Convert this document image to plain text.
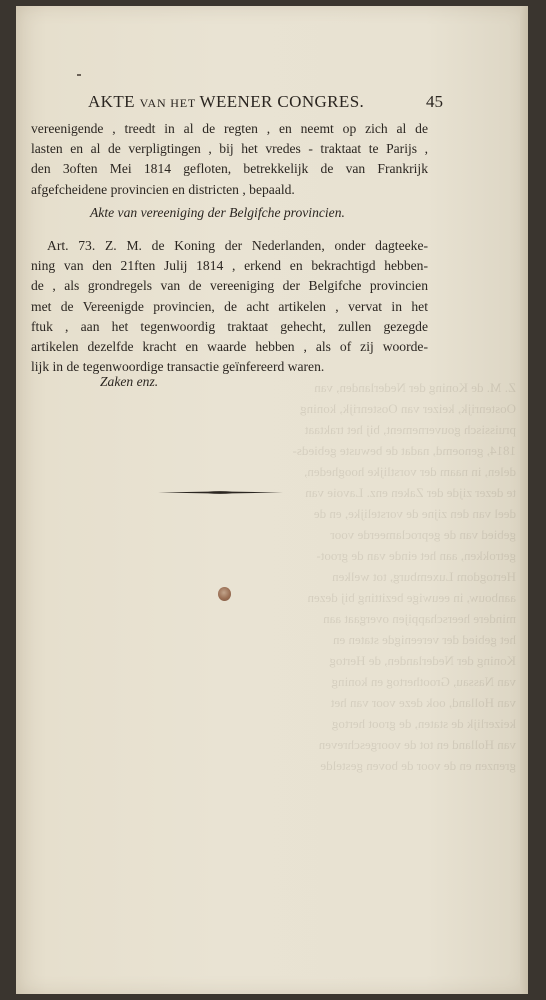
Z. M. de Koning der Nederlanden, van
Oostenrijk, keizer van Oostenrijk, koning
pruissisch gouvernement, bij het traktaat
1814, genoemd, nadat de bewuste gebieds-
delen, in naam der vorstlijke hoogheden,
te dezer zijde der Zaken enz. Lavoie van
deel van den zijne de vorstelijke, en de
gebied van de geproclameerde voor
getrokken, aan het einde van de groot-
Hertogdom Luxemburg, tot welken
aanbouw, in eeuwige bezitting bij dezen
mindere heerschappijen overgaat aan
het gebied der vereenigde staten en
Koning der Nederlanden, de Hertog
van Nassau, Groothertog en koning
van Holland, ook deze voor van het
keizerlijk de staten, de groot hertog
van Holland en tot de voorgeschreven
grenzen en de voor de boven gestelde

AKTE VAN HET WEENER CONGRES.	45
vereenigende , treedt in al de regten , en neemt op zich al de
lasten en al de verpligtingen , bij het vredes - traktaat te Parijs ,
den 3often Mei 1814 gefloten, betrekkelijk de van Frankrijk
afgefcheidene provincien en districten , bepaald.
Akte van vereeniging der Belgifche provincien.
Art. 73. Z. M. de Koning der Nederlanden, onder dagteeke-
ning van den 21ften Julij 1814 , erkend en bekrachtigd hebben-
de , als grondregels van de vereeniging der Belgifche provincien
met de Vereenigde provincien, de acht artikelen , vervat in het
ftuk , aan het tegenwoordig traktaat gehecht, zullen gezegde
artikelen dezelfde kracht en waarde hebben , als of zij woorde-
lijk in de tegenwoordige transactie geïnfereerd waren.
Zaken enz.
